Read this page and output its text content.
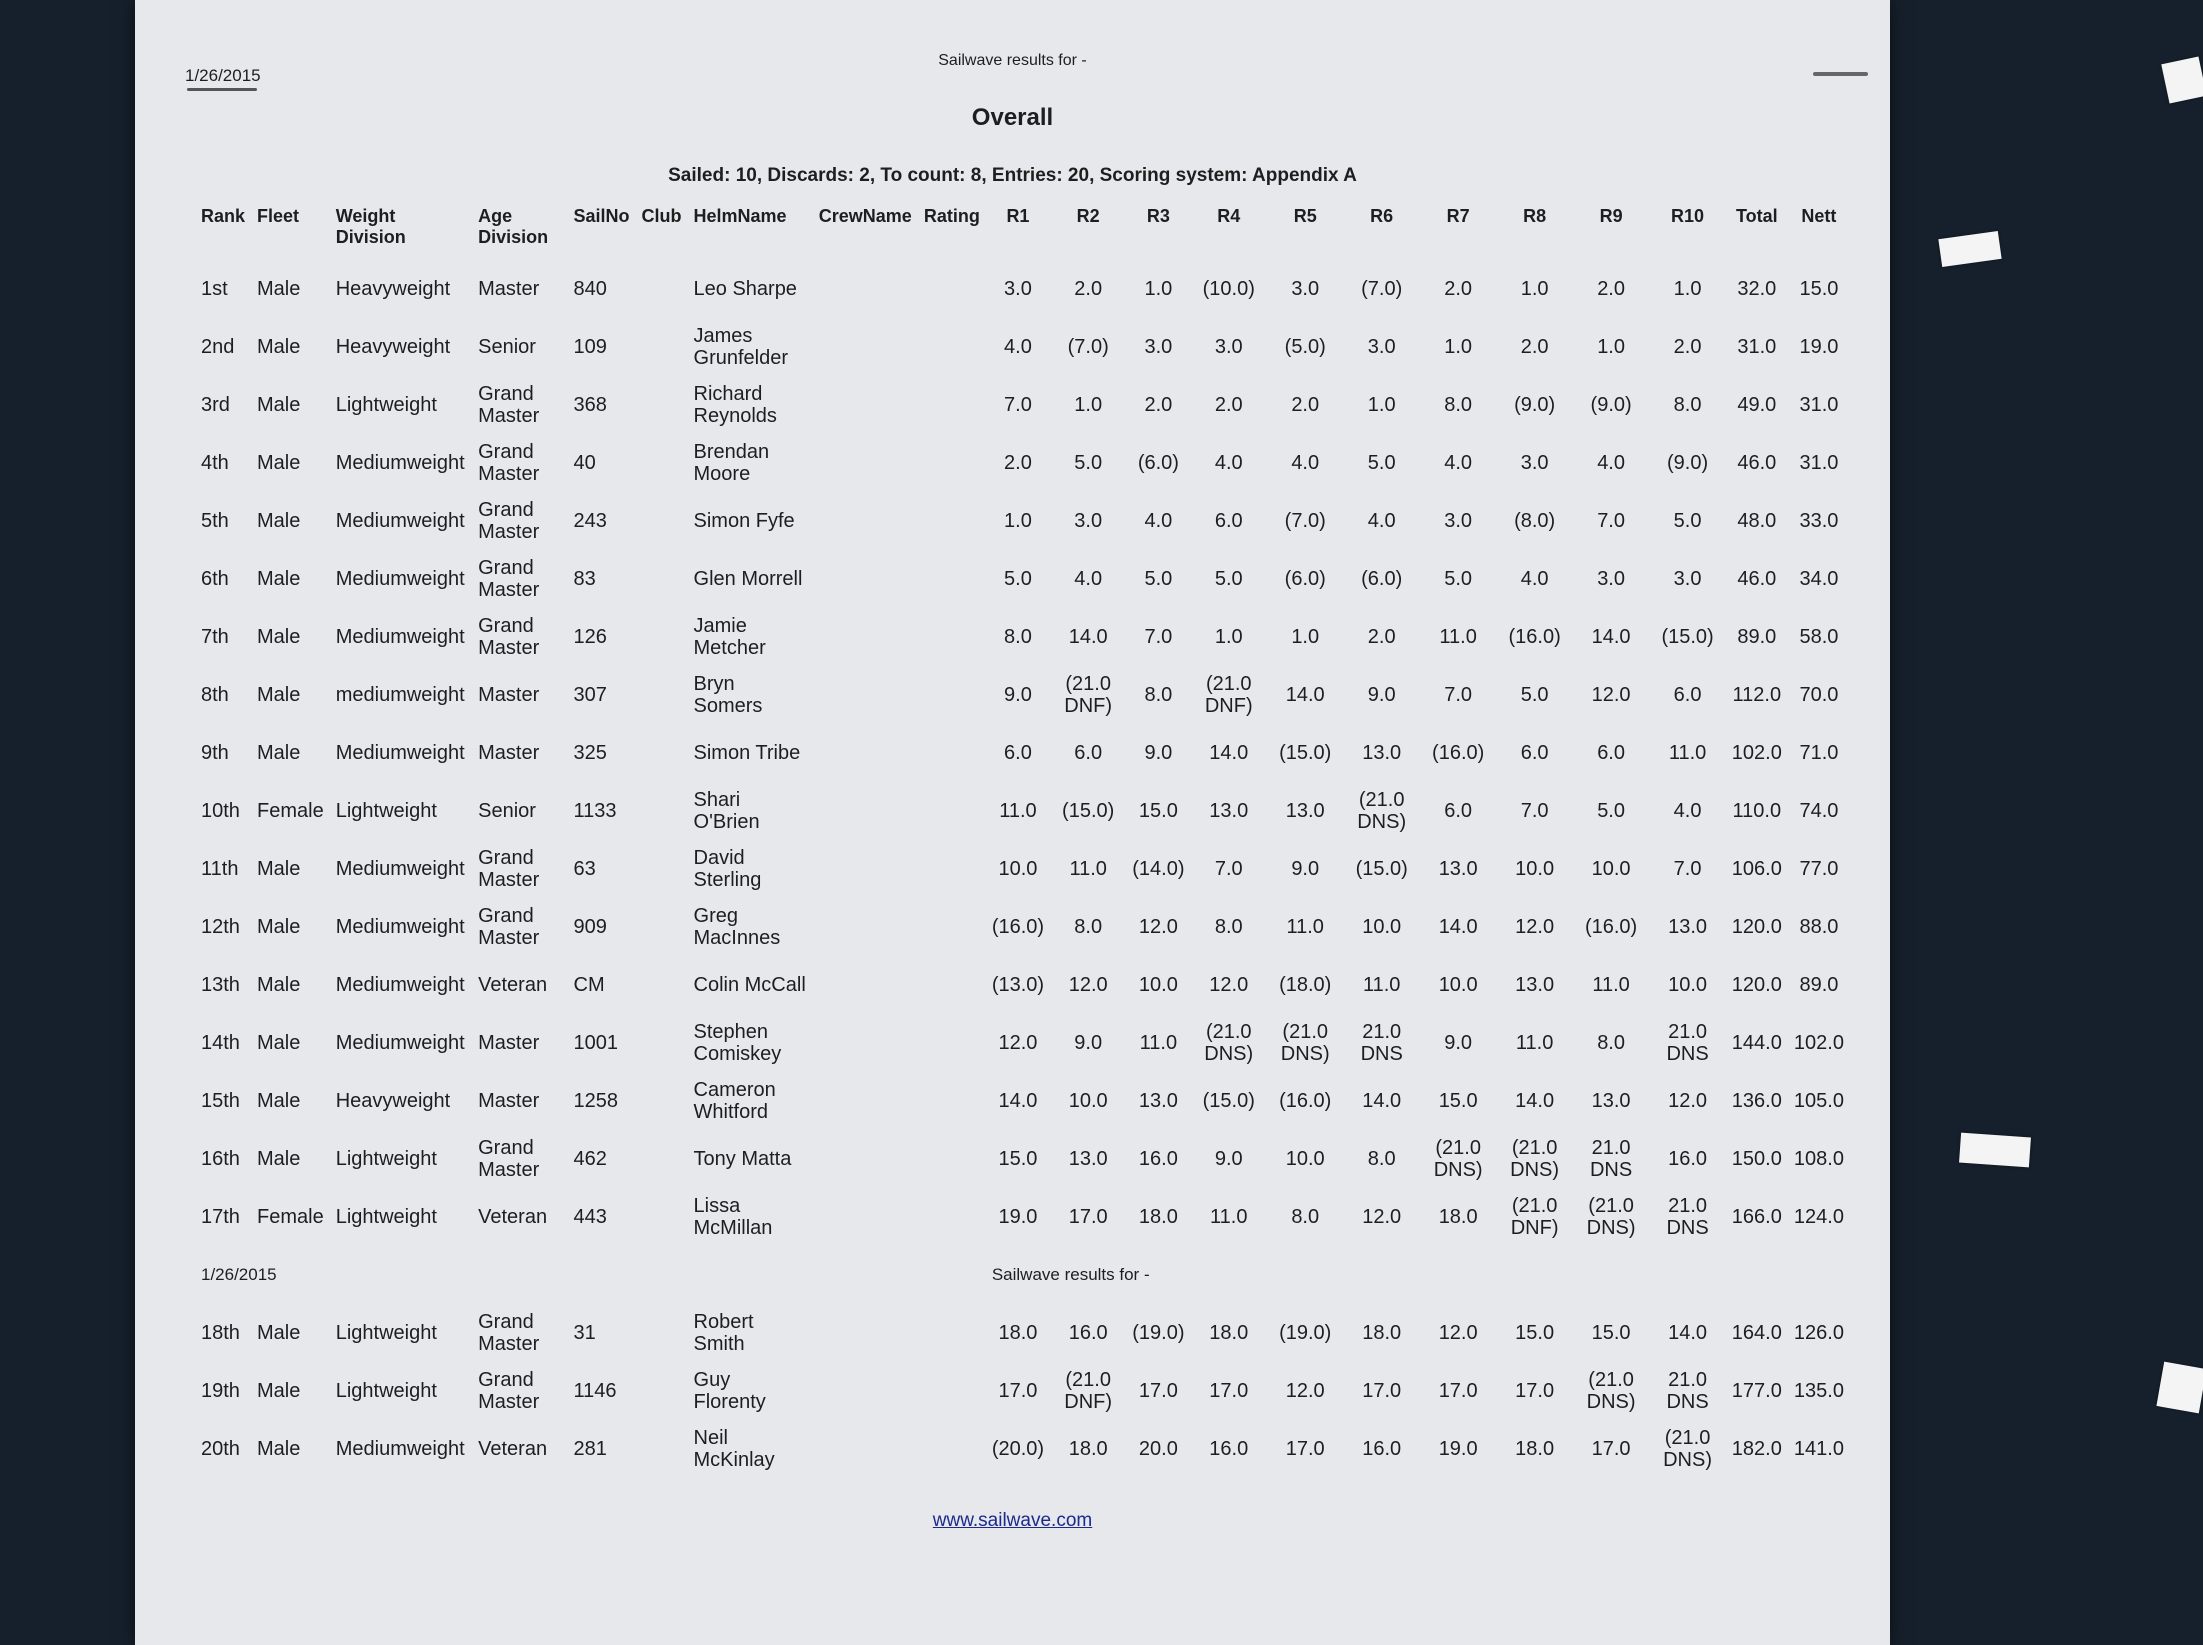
1/26/2015
Sailwave results for -
Overall
Sailed: 10, Discards: 2, To count: 8, Entries: 20, Scoring system: Appendix A
Rank	Fleet	Weight Division	Age Division	SailNo	Club	HelmName	CrewName	Rating	R1	R2	R3	R4	R5	R6	R7	R8	R9	R10	Total	Nett
1st	Male	Heavyweight	Master	840		Leo Sharpe			3.0	2.0	1.0	(10.0)	3.0	(7.0)	2.0	1.0	2.0	1.0	32.0	15.0
2nd	Male	Heavyweight	Senior	109		James Grunfelder			4.0	(7.0)	3.0	3.0	(5.0)	3.0	1.0	2.0	1.0	2.0	31.0	19.0
3rd	Male	Lightweight	Grand Master	368		Richard Reynolds			7.0	1.0	2.0	2.0	2.0	1.0	8.0	(9.0)	(9.0)	8.0	49.0	31.0
4th	Male	Mediumweight	Grand Master	40		Brendan Moore			2.0	5.0	(6.0)	4.0	4.0	5.0	4.0	3.0	4.0	(9.0)	46.0	31.0
5th	Male	Mediumweight	Grand Master	243		Simon Fyfe			1.0	3.0	4.0	6.0	(7.0)	4.0	3.0	(8.0)	7.0	5.0	48.0	33.0
6th	Male	Mediumweight	Grand Master	83		Glen Morrell			5.0	4.0	5.0	5.0	(6.0)	(6.0)	5.0	4.0	3.0	3.0	46.0	34.0
7th	Male	Mediumweight	Grand Master	126		Jamie Metcher			8.0	14.0	7.0	1.0	1.0	2.0	11.0	(16.0)	14.0	(15.0)	89.0	58.0
8th	Male	mediumweight	Master	307		Bryn Somers			9.0	(21.0 DNF)	8.0	(21.0 DNF)	14.0	9.0	7.0	5.0	12.0	6.0	112.0	70.0
9th	Male	Mediumweight	Master	325		Simon Tribe			6.0	6.0	9.0	14.0	(15.0)	13.0	(16.0)	6.0	6.0	11.0	102.0	71.0
10th	Female	Lightweight	Senior	1133		Shari O'Brien			11.0	(15.0)	15.0	13.0	13.0	(21.0 DNS)	6.0	7.0	5.0	4.0	110.0	74.0
11th	Male	Mediumweight	Grand Master	63		David Sterling			10.0	11.0	(14.0)	7.0	9.0	(15.0)	13.0	10.0	10.0	7.0	106.0	77.0
12th	Male	Mediumweight	Grand Master	909		Greg MacInnes			(16.0)	8.0	12.0	8.0	11.0	10.0	14.0	12.0	(16.0)	13.0	120.0	88.0
13th	Male	Mediumweight	Veteran	CM		Colin McCall			(13.0)	12.0	10.0	12.0	(18.0)	11.0	10.0	13.0	11.0	10.0	120.0	89.0
14th	Male	Mediumweight	Master	1001		Stephen Comiskey			12.0	9.0	11.0	(21.0 DNS)	(21.0 DNS)	21.0 DNS	9.0	11.0	8.0	21.0 DNS	144.0	102.0
15th	Male	Heavyweight	Master	1258		Cameron Whitford			14.0	10.0	13.0	(15.0)	(16.0)	14.0	15.0	14.0	13.0	12.0	136.0	105.0
16th	Male	Lightweight	Grand Master	462		Tony Matta			15.0	13.0	16.0	9.0	10.0	8.0	(21.0 DNS)	(21.0 DNS)	21.0 DNS	16.0	150.0	108.0
17th	Female	Lightweight	Veteran	443		Lissa McMillan			19.0	17.0	18.0	11.0	8.0	12.0	18.0	(21.0 DNF)	(21.0 DNS)	21.0 DNS	166.0	124.0
1/26/2015									Sailwave results for -											
18th	Male	Lightweight	Grand Master	31		Robert Smith			18.0	16.0	(19.0)	18.0	(19.0)	18.0	12.0	15.0	15.0	14.0	164.0	126.0
19th	Male	Lightweight	Grand Master	1146		Guy Florenty			17.0	(21.0 DNF)	17.0	17.0	12.0	17.0	17.0	17.0	(21.0 DNS)	21.0 DNS	177.0	135.0
20th	Male	Mediumweight	Veteran	281		Neil McKinlay			(20.0)	18.0	20.0	16.0	17.0	16.0	19.0	18.0	17.0	(21.0 DNS)	182.0	141.0
www.sailwave.com
